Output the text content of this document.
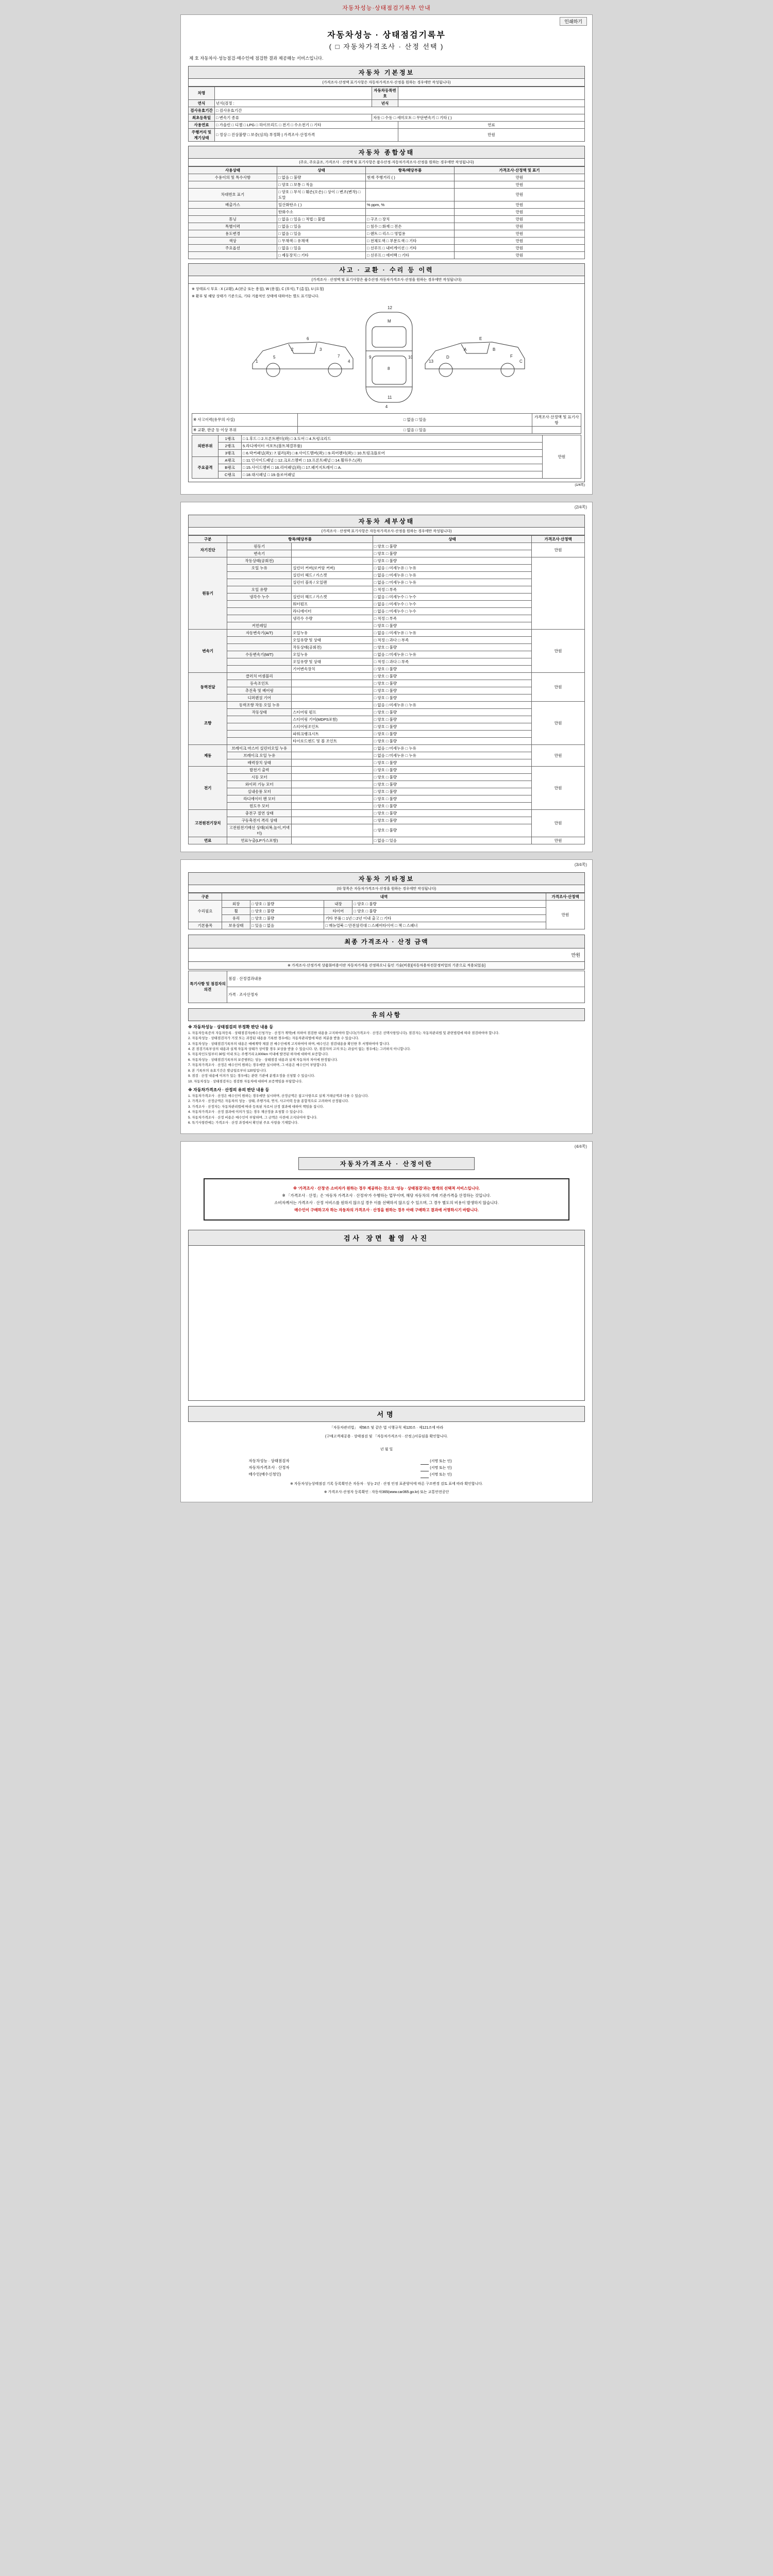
자동차성능·상태점검기록부 안내
인쇄하기
자동차성능 · 상태점검기록부
( □ 자동차가격조사 · 산정 선택 )
제 호 자동차사·성능점검·매수인에 점검한 결과 제공해능 서비스입니다.
자동차 기본정보
(가격조사·산정액 표기사항은 자동차가격조사·산정을 원하는 경우에만 작성됩니다)
차명		자동차등록번호	
연식	년식(검정 :	년식	
검사유효기간	□ 검사유효기간		
최초등록일	□ 변속기 종류	자동 □ 수동 □ 세미오토 □ 무단변속기 □ 기타 ( )	
사용연료	□ 가솔린 □ 디젤 □ LPG □ 하이브리드 □ 전기 □ 수소전기 □ 기타		연료
주행거리 및 계기상태	□ 정상 □ 진상불량 □ 보증(심의) 부정확 | 가격조사·산정가격		만원
자동차 종합상태
(주요, 주요골조, 가격조사 · 산정액 및 표기사항은 품수산정·자동차가격조사·산정을 원하는 경우에만 작성됩니다)
사용상태	상태	항목/해당부품	가격조사·산정액 및 표기
수용이의 및 특수사항	□ 없음 □ 불량	현재 주행거리 ( )	만원
	□ 양호 □ 보통 □ 적음		만원
차대번호 표기	□ 양호 □ 부식 □ 훼손(오손) □ 상이 □ 변조(변작) □ 도말		만원
배출가스	일산화탄소 ( )	% ppm, %	만원
	탄화수소		만원
튜닝	□ 없음 □ 있음 □ 적법 □ 불법	□ 구조 □ 장치	만원
특별이력	□ 없음 □ 있음	□ 침수 □ 화재 □ 전손	만원
용도변경	□ 없음 □ 있음	□ 렌트 □ 리스 □ 영업용	만원
색상	□ 무채색 □ 유채색	□ 전체도색 □ 부분도색 □ 기타	만원
주요옵션	□ 없음 □ 있음	□ 선루프 □ 내비게이션 □ 기타	만원
	□ 제동장치 □ 기타	□ 선루프 □ 에어백 □ 기타	만원
사고 · 교환 · 수리 등 이력
(가격조사 · 산정액 및 표기사항은 품수산정·자동차가격조사·산정을 원하는 경우에만 작성됩니다)
※ 상태표시 부호 : X (교환), A (판금 또는 용접), W (용접), C (부식), T (흠집), U (요철)
※ 환부 및 해당 상태가 기준으로, 기타 거품적인 상태에 대하여는 별도 표기합니다.
1
2	3
4
5
6
7
M
8
9	10
11
12
13
A	B
C
D
E
F
4
※ 사고이력(유무의 사실)	□ 없음 □ 있음	가격조사·산정액 및 표기사항
※ 교환, 판금 등 이상 부위	□ 없음 □ 있음	
외판부위	1랭크	□ 1.후드 □ 2.프론트펜더(좌) □ 3.도어 □ 4.트렁크리드	만원
	2랭크	5.라디에이터 서포트(볼트체결부품)	
	3랭크	□ 6.락커패널(좌)□ 7.필러(좌) □ 8.사이드멤버(좌) □ 9.리어펜더(좌) □ 10.트렁크플로어	
주요골격	A랭크	□ 11.인사이드패널 □ 12.크로스멤버 □ 13.프론트패널 □ 14.휠하우스(좌)	
	B랭크	□ 15.사이드멤버 □ 16.리어패널(좌) □ 17.패키지트레이 □ A.	
	C랭크	□ 18.대시패널 □ 19.플로어패널	
(1/4쪽)
(2/4쪽)
자동차 세부상태
(가격조사 · 산정액 표기사항은 자동차가격조사·산정을 원하는 경우에만 작성됩니다)
구분	항목/해당부품		상태	가격조사·산정액
자기진단	원동기		□ 양호 □ 불량	만원
	변속기		□ 양호 □ 불량	
원동기	작동상태(공회전)		□ 양호 □ 불량	
	오일 누유	실린더 커버(로커암 커버)	□ 없음 □ 미세누유 □ 누유	
		실린더 헤드 / 가스켓	□ 없음 □ 미세누유 □ 누유	
		실린더 블록 / 오일팬	□ 없음 □ 미세누유 □ 누유	
	오일 유량		□ 적정 □ 부족	
	냉각수 누수	실린더 헤드 / 가스켓	□ 없음 □ 미세누수 □ 누수	
		워터펌프	□ 없음 □ 미세누수 □ 누수	
		라디에이터	□ 없음 □ 미세누수 □ 누수	
		냉각수 수량	□ 적정 □ 부족	
	커먼레일		□ 양호 □ 불량	
변속기	자동변속기(A/T)	오일누유	□ 없음 □ 미세누유 □ 누유	만원
		오일유량 및 상태	□ 적정 □ 과다 □ 부족	
		작동상태(공회전)	□ 양호 □ 불량	
	수동변속기(M/T)	오일누유	□ 없음 □ 미세누유 □ 누유	
		오일유량 및 상태	□ 적정 □ 과다 □ 부족	
		기어변속장치	□ 양호 □ 불량	
동력전달	클러치 어셈블리		□ 양호 □ 불량	만원
	등속조인트		□ 양호 □ 불량	
	추진축 및 베어링		□ 양호 □ 불량	
	디퍼렌셜 기어		□ 양호 □ 불량	
조향	동력조향 작동 오일 누유		□ 없음 □ 미세누유 □ 누유	만원
	작동상태	스티어링 펌프	□ 양호 □ 불량	
		스티어링 기어(MDPS포함)	□ 양호 □ 불량	
		스티어링조인트	□ 양호 □ 불량	
		파워크랭크시트	□ 양호 □ 불량	
		타이로드엔드 및 볼 조인트	□ 양호 □ 불량	
제동	브레이크 마스터 실린더오일 누유		□ 없음 □ 미세누유 □ 누유	만원
	브레이크 오일 누유		□ 없음 □ 미세누유 □ 누유	
	배력장치 상태		□ 양호 □ 불량	
전기	발전기 출력		□ 양호 □ 불량	만원
	시동 모터		□ 양호 □ 불량	
	와이퍼 기능 모터		□ 양호 □ 불량	
	실내송풍 모터		□ 양호 □ 불량	
	라디에이터 팬 모터		□ 양호 □ 불량	
	윈도우 모터		□ 양호 □ 불량	
고전원전기장치	충전구 절연 상태		□ 양호 □ 불량	만원
	구동축전지 격리 상태		□ 양호 □ 불량	
	고전원전기배선 상태(피복,높이,커넥터)		□ 양호 □ 불량	
연료	연료누출(LP가스포함)		□ 없음 □ 있음	만원
(3/4쪽)
자동차 기타정보
(타 항목은 자동차가격조사·산정을 원하는 경우에만 작성됩니다)
구분	내역				가격조사·산정액
수리필요	외장	□ 양호 □ 불량	내장	□ 양호 □ 불량	만원
	휠	□ 양호 □ 불량	타이어	□ 양호 □ 불량	
	유리	□ 양호 □ 불량	기타 부품 □ 1년 □ 2년 이내 출고 □ 기타		
기본품목	보유상태	□ 있음 □ 없음	□ 매뉴얼북 □ 안전삼각대 □ 스페어타이어 □ 잭 □ 스패너		
최종 가격조사 · 산정 금액
만원
※ 가격조사·산정가격 상품화비용이란 자동차가격을 산정하오니 들인 기술(비용)[자동차용차전문정비업의 기준으로 적용되었음]
특기사항 및 점검자의 의견	점검 · 산정결과내용
가격 · 조사산정자
유의사항
※ 자동차성능 · 상태점검의 부정확 판단 내용 등

1. 자동차등록증의 자동차등록 · 상태점검자(매수신청가능 · 산정가 계약)에 의하여 점검한 내용을 고지하여야 합니다(가격조사 · 산정은 선택사항입니다). 점검자는 자동차관리법 및 관련법령에 따라 점검하여야 합니다.

2. 자동차성능 · 상태점검자가 거짓 또는 과장된 내용을 기록한 경우에는 자동차관리법에 따른 처분을 받을 수 있습니다.

3. 자동차성능 · 상태점검기록부의 내용은 매매계약 체결 전 매수인에게 고지하여야 하며, 매수인은 점검내용을 확인한 후 서명하여야 합니다.

4. 본 점검기록부상의 내용과 실제 자동차 상태가 상이할 경우 보상을 받을 수 있습니다. 단, 점검자의 고의 또는 과실이 없는 경우에는 그러하지 아니합니다.

5. 자동차인도일부터 30일 이내 또는 주행거리 2,000km 이내에 발견된 하자에 대하여 보증합니다.

6. 자동차성능 · 상태점검기록부의 보증범위는 성능 · 상태점검 내용과 실제 자동차의 차이에 한정됩니다.

7. 자동차가격조사 · 산정은 매수인이 원하는 경우에만 실시하며, 그 비용은 매수인이 부담합니다.

8. 본 기록부의 유효기간은 발급일로부터 120일입니다.

9. 점검 · 산정 내용에 이의가 있는 경우에는 관련 기관에 분쟁조정을 신청할 수 있습니다.

10. 자동차성능 · 상태점검자는 점검한 자동차에 대하여 보증책임을 부담합니다.

※ 자동차가격조사 · 산정의 유의 판단 내용 등

1. 자동차가격조사 · 산정은 매수인이 원하는 경우에만 실시하며, 산정금액은 참고사항으로 실제 거래금액과 다를 수 있습니다.

2. 가격조사 · 산정금액은 자동차의 성능 · 상태, 주행거리, 연식, 사고이력 등을 종합적으로 고려하여 산정됩니다.

3. 가격조사 · 산정자는 자동차관리법에 따라 등록된 자로서 산정 결과에 대하여 책임을 집니다.

4. 자동차가격조사 · 산정 결과에 이의가 있는 경우 재산정을 요청할 수 있습니다.

5. 자동차가격조사 · 산정 비용은 매수인이 부담하며, 그 금액은 사전에 고지되어야 합니다.

6. 특기사항란에는 가격조사 · 산정 과정에서 확인된 주요 사항을 기재합니다.

(4/4쪽)
자동차가격조사 · 산정이란

※ '가격조사 · 산정'은 소비자가 원하는 경우 제공하는 것으로 '성능 · 상태점검'과는 별개의 선택적 서비스입니다.

※ 「가격조사 · 산정」은 '자동차 가격조사 · 산정자'가 수행하는 업무이며, 해당 자동차의 거래 기준가격을 산정하는 것입니다.

소비자께서는 가격조사 · 산정 서비스를 원하지 않으실 경우 이를 선택하지 않으실 수 있으며, 그 경우 별도의 비용이 발생하지 않습니다.

매수인이 구매하고자 하는 자동차의 가격조사 · 산정을 원하는 경우 아래 구매하고 결과에 서명하시기 바랍니다.

검사 장면 촬영 사진
서명
「자동차관리법」 제58조 및 같은 법 시행규칙 제120조 · 제121조에 따라
(구매고객제공용 · 상태점검 및 「자동차가격조사 · 산정」)서류임을 확인합니다.
년 월 일
자동차성능 · 상태점검자		(서명 또는 인)
자동차가격조사 · 산정자		(서명 또는 인)
매수인(매수신청인)		(서명 또는 인)
※ 자동차성능상태점검 기록 등록확인은 자동차 · 성능 2년 · 산정 인정 표준양식에 따른 구조변경 검토 표에 따라 확인합니다.
※ 가격조사·산정자 등록확인 : 자동차365(www.car365.go.kr) 또는 교통안전공단
